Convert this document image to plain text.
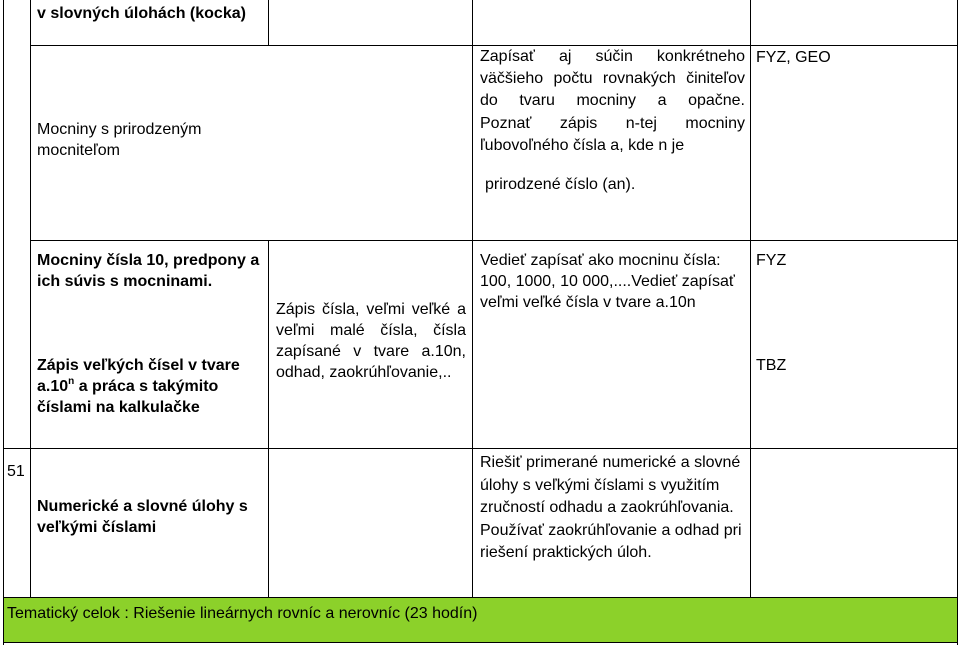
v slovných úlohách (kocka)
Mocniny s prirodzeným mocniteľom
Zapísať aj súčin konkrétneho
väčšieho počtu rovnakých činiteľov
do tvaru mocniny a opačne.
Poznať zápis n-tej mocniny
ľubovoľného čísla a, kde n je
prirodzené číslo (an).
FYZ, GEO
Mocniny čísla 10, predpony a ich súvis s mocninami.
Zápis veľkých čísel v tvare a.10$^n$ a práca s takýmito číslami na kalkulačke
Zápis čísla, veľmi veľké a veľmi malé čísla, čísla zapísané v tvare a.10n, odhad, zaokrúhľovanie,..
Vedieť zapísať ako mocninu čísla: 100, 1000, 10 000,....Vedieť zapísať veľmi veľké čísla v tvare a.10n
FYZ
TBZ
51
Numerické a slovné úlohy s veľkými číslami
Riešiť primerané numerické a slovné úlohy s veľkými číslami s využitím zručností odhadu a zaokrúhľovania. Používať zaokrúhľovanie a odhad pri riešení praktických úloh.
Tematický celok : Riešenie lineárnych rovníc a nerovníc (23 hodín)
